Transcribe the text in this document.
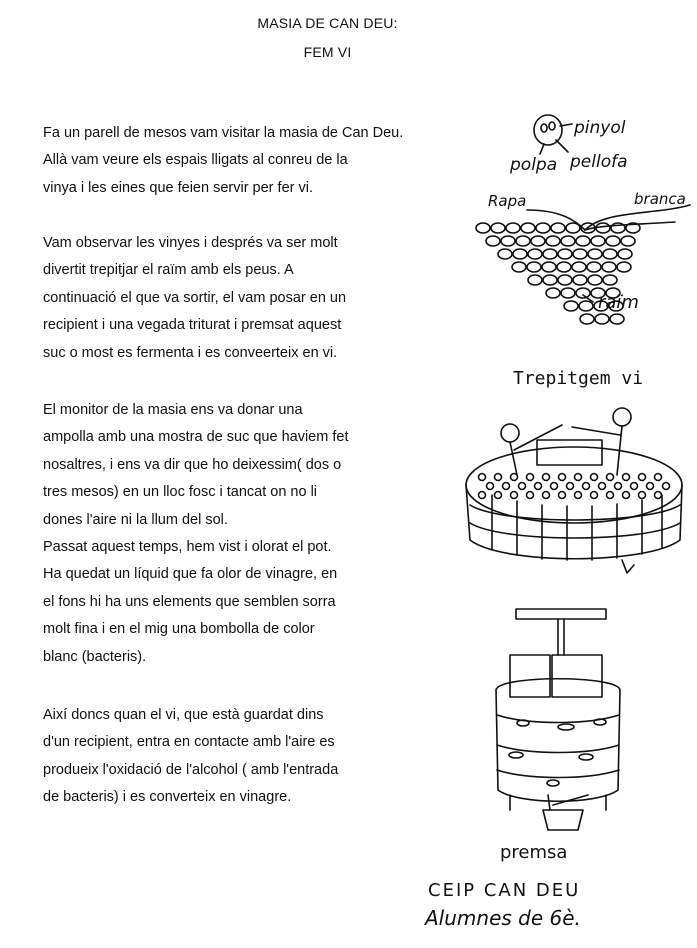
MASIA DE CAN DEU:
FEM VI
Fa un parell de mesos vam visitar la masia de Can Deu.
Allà vam veure els espais lligats al conreu de la
vinya i les eines que feien servir per fer vi.
Vam observar les vinyes i després va ser molt
divertit trepitjar el raïm amb els peus. A
continuació el que va sortir, el vam posar en un
recipient i una vegada triturat i premsat aquest
suc o most es fermenta i es conveerteix en vi.
El monitor de la masia ens va donar una
ampolla amb una mostra de suc que haviem fet
nosaltres, i ens va dir que ho deixessim( dos o
tres mesos) en un lloc fosc i tancat on no li
dones l'aire ni la llum del sol.
Passat aquest temps, hem vist i olorat el pot.
Ha quedat un líquid que fa olor de vinagre, en
el fons hi ha uns elements que semblen sorra
molt fina i en el mig una bombolla de color
blanc (bacteris).
Així doncs quan el vi, que està guardat dins
d'un recipient, entra en contacte amb l'aire es
produeix l'oxidació de l'alcohol ( amb l'entrada
de bacteris) i es converteix en vinagre.
pinyol
polpa pellofa
Rapa	branca
raïm
Trepitgem vi
premsa
CEIP CAN DEU
Alumnes de 6è.
